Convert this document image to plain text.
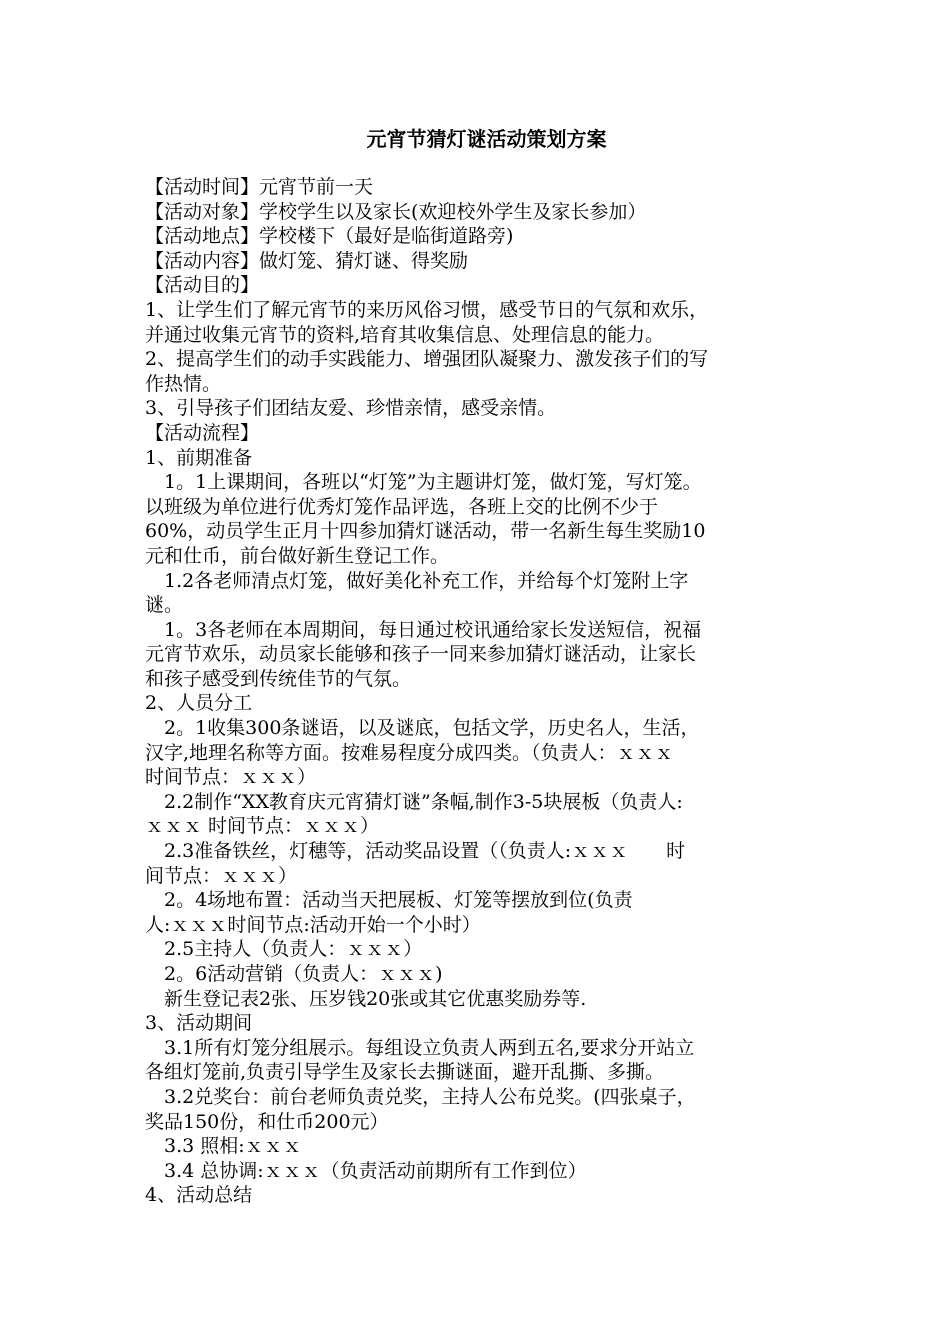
元宵节猜灯谜活动策划方案
【活动时间】元宵节前一天
【活动对象】学校学生以及家长(欢迎校外学生及家长参加）
【活动地点】学校楼下（最好是临街道路旁)
【活动内容】做灯笼、猜灯谜、得奖励
【活动目的】
1、让学生们了解元宵节的来历风俗习惯，感受节日的气氛和欢乐，
并通过收集元宵节的资料,培育其收集信息、处理信息的能力。
2、提高学生们的动手实践能力、增强团队凝聚力、激发孩子们的写
作热情。
3、引导孩子们团结友爱、珍惜亲情，感受亲情。
【活动流程】
1、前期准备
1。1上课期间，各班以“灯笼”为主题讲灯笼，做灯笼，写灯笼。
以班级为单位进行优秀灯笼作品评选，各班上交的比例不少于
60%，动员学生正月十四参加猜灯谜活动，带一名新生每生奖励10
元和仕币，前台做好新生登记工作。
1.2各老师清点灯笼，做好美化补充工作，并给每个灯笼附上字
谜。
1。3各老师在本周期间，每日通过校讯通给家长发送短信，祝福
元宵节欢乐，动员家长能够和孩子一同来参加猜灯谜活动，让家长
和孩子感受到传统佳节的气氛。
2、人员分工
2。1收集300条谜语，以及谜底，包括文学，历史名人，生活，
汉字,地理名称等方面。按难易程度分成四类。（负责人：ｘｘｘ
时间节点：ｘｘｘ）
2.2制作“XX教育庆元宵猜灯谜”条幅,制作3-5块展板（负责人:
ｘｘｘ 时间节点：ｘｘｘ）
2.3准备铁丝，灯穗等，活动奖品设置（（负责人:ｘｘｘ　　时
间节点：ｘｘｘ）
2。4场地布置：活动当天把展板、灯笼等摆放到位(负责
人:ｘｘｘ时间节点:活动开始一个小时）
2.5主持人（负责人：ｘｘｘ）
2。6活动营销（负责人：ｘｘｘ)
新生登记表2张、压岁钱20张或其它优惠奖励券等.
3、活动期间
3.1所有灯笼分组展示。每组设立负责人两到五名,要求分开站立
各组灯笼前,负责引导学生及家长去撕谜面，避开乱撕、多撕。
3.2兑奖台：前台老师负责兑奖，主持人公布兑奖。(四张桌子，
奖品150份，和仕币200元）
3.3 照相:ｘｘｘ
3.4 总协调:ｘｘｘ（负责活动前期所有工作到位）
4、活动总结
